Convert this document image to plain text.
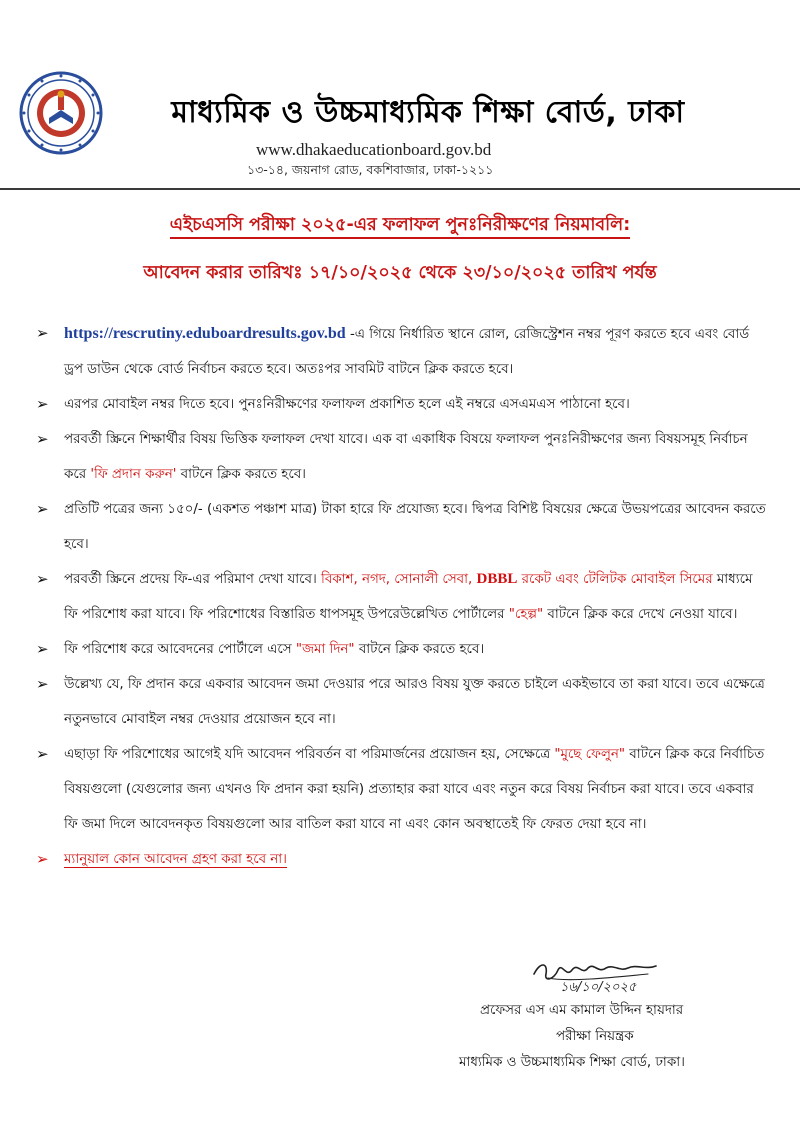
মাধ্যমিক ও উচ্চমাধ্যমিক শিক্ষা বোর্ড, ঢাকা
www.dhakaeducationboard.gov.bd
১৩-১৪, জয়নাগ রোড, বকশিবাজার, ঢাকা-১২১১
এইচএসসি পরীক্ষা ২০২৫-এর ফলাফল পুনঃনিরীক্ষণের নিয়মাবলি:
আবেদন করার তারিখঃ ১৭/১০/২০২৫ থেকে ২৩/১০/২০২৫ তারিখ পর্যন্ত
➢ https://rescrutiny.eduboardresults.gov.bd -এ গিয়ে নির্ধারিত স্থানে রোল, রেজিস্ট্রেশন নম্বর পূরণ করতে হবে এবং বোর্ড ড্রপ ডাউন থেকে বোর্ড নির্বাচন করতে হবে। অতঃপর সাবমিট বাটনে ক্লিক করতে হবে।
➢ এরপর মোবাইল নম্বর দিতে হবে। পুনঃনিরীক্ষণের ফলাফল প্রকাশিত হলে এই নম্বরে এসএমএস পাঠানো হবে।
➢ পরবর্তী স্ক্রিনে শিক্ষার্থীর বিষয় ভিত্তিক ফলাফল দেখা যাবে। এক বা একাধিক বিষয়ে ফলাফল পুনঃনিরীক্ষণের জন্য বিষয়সমূহ নির্বাচন করে 'ফি প্রদান করুন' বাটনে ক্লিক করতে হবে।
➢ প্রতিটি পত্রের জন্য ১৫০/- (একশত পঞ্চাশ মাত্র) টাকা হারে ফি প্রযোজ্য হবে। দ্বিপত্র বিশিষ্ট বিষয়ের ক্ষেত্রে উভয়পত্রের আবেদন করতে হবে।
➢ পরবর্তী স্ক্রিনে প্রদেয় ফি-এর পরিমাণ দেখা যাবে। বিকাশ, নগদ, সোনালী সেবা, DBBL রকেট এবং টেলিটক মোবাইল সিমের মাধ্যমে ফি পরিশোধ করা যাবে। ফি পরিশোধের বিস্তারিত ধাপসমূহ উপরেউল্লেখিত পোর্টালের "হেল্প" বাটনে ক্লিক করে দেখে নেওয়া যাবে।
➢ ফি পরিশোধ করে আবেদনের পোর্টালে এসে "জমা দিন" বাটনে ক্লিক করতে হবে।
➢ উল্লেখ্য যে, ফি প্রদান করে একবার আবেদন জমা দেওয়ার পরে আরও বিষয় যুক্ত করতে চাইলে একইভাবে তা করা যাবে। তবে এক্ষেত্রে নতুনভাবে মোবাইল নম্বর দেওয়ার প্রয়োজন হবে না।
➢ এছাড়া ফি পরিশোধের আগেই যদি আবেদন পরিবর্তন বা পরিমার্জনের প্রয়োজন হয়, সেক্ষেত্রে "মুছে ফেলুন" বাটনে ক্লিক করে নির্বাচিত বিষয়গুলো (যেগুলোর জন্য এখনও ফি প্রদান করা হয়নি) প্রত্যাহার করা যাবে এবং নতুন করে বিষয় নির্বাচন করা যাবে। তবে একবার ফি জমা দিলে আবেদনকৃত বিষয়গুলো আর বাতিল করা যাবে না এবং কোন অবস্থাতেই ফি ফেরত দেয়া হবে না।
➢ ম্যানুয়াল কোন আবেদন গ্রহণ করা হবে না।
১৬/১০/২০২৫
প্রফেসর এস এম কামাল উদ্দিন হায়দার
পরীক্ষা নিয়ন্ত্রক
মাধ্যমিক ও উচ্চমাধ্যমিক শিক্ষা বোর্ড, ঢাকা।
